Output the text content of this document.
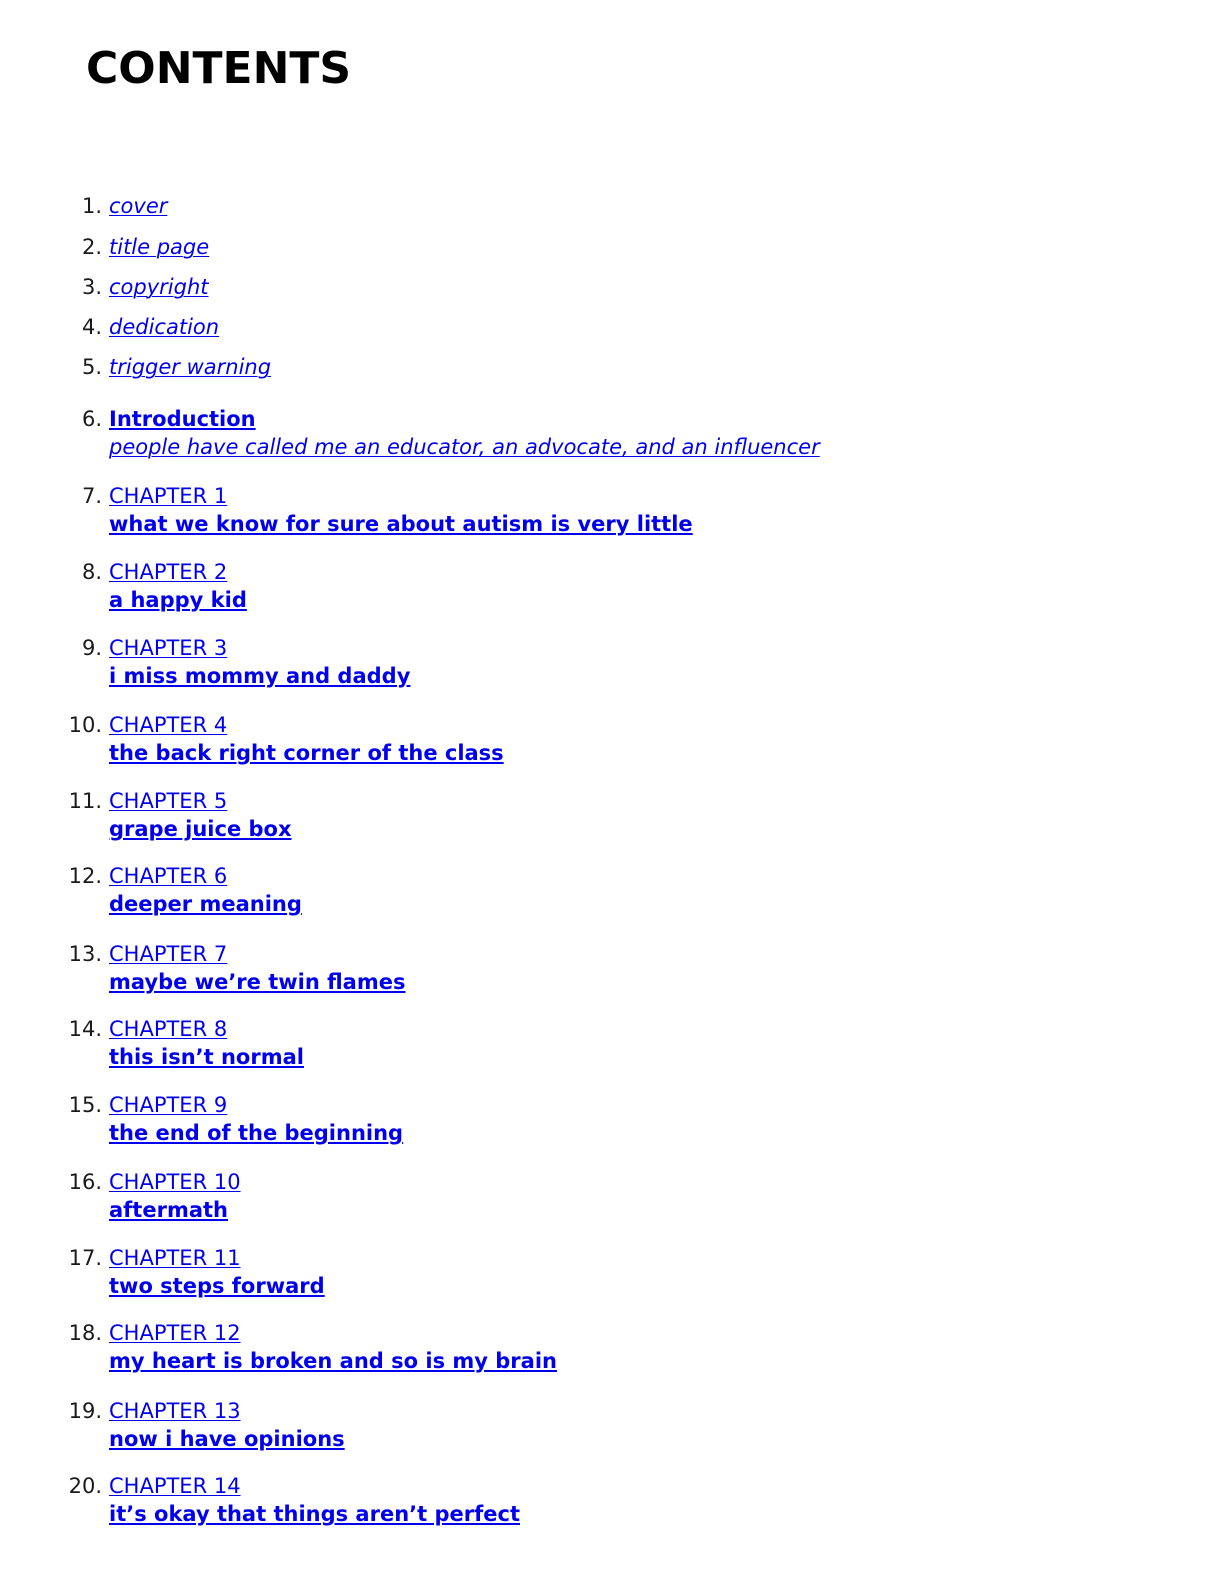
CONTENTS
1. cover
2. title page
3. copyright
4. dedication
5. trigger warning
6. Introduction
people have called me an educator, an advocate, and an influencer
7. CHAPTER 1
what we know for sure about autism is very little
8. CHAPTER 2
a happy kid
9. CHAPTER 3
i miss mommy and daddy
10. CHAPTER 4
the back right corner of the class
11. CHAPTER 5
grape juice box
12. CHAPTER 6
deeper meaning
13. CHAPTER 7
maybe we’re twin flames
14. CHAPTER 8
this isn’t normal
15. CHAPTER 9
the end of the beginning
16. CHAPTER 10
aftermath
17. CHAPTER 11
two steps forward
18. CHAPTER 12
my heart is broken and so is my brain
19. CHAPTER 13
now i have opinions
20. CHAPTER 14
it’s okay that things aren’t perfect
